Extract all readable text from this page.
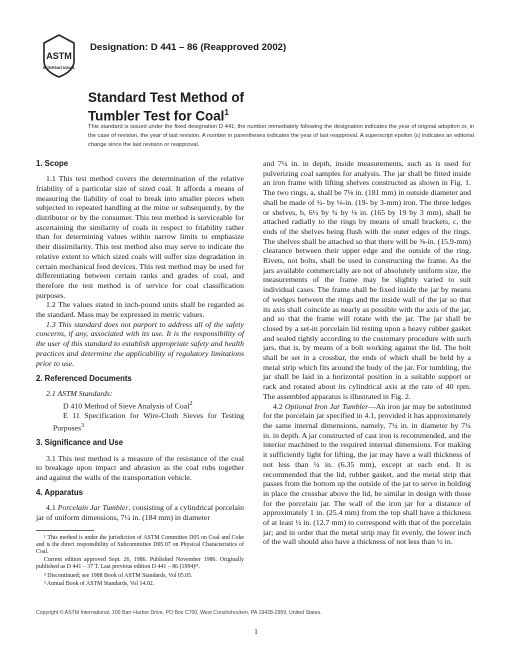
ASTM
INTERNATIONAL
Designation: D 441 – 86 (Reapproved 2002)
Standard Test Method of
Tumbler Test for Coal$^1$
This standard is issued under the fixed designation D 441; the number immediately following the designation indicates the year of original adoption or, in the case of revision, the year of last revision. A number in parentheses indicates the year of last reapproval. A superscript epsilon (ε) indicates an editorial change since the last revision or reapproval.
1. Scope

1.1 This test method covers the determination of the relative friability of a particular size of sized coal. It affords a means of measuring the liability of coal to break into smaller pieces when subjected to repeated handling at the mine or subsequently, by the distributor or by the consumer. This test method is serviceable for ascertaining the similarity of coals in respect to friability rather than for determining values within narrow limits to emphasize their dissimilarity. This test method also may serve to indicate the relative extent to which sized coals will suffer size degradation in certain mechanical feed devices. This test method may be used for differentiating between certain ranks and grades of coal, and therefore the test method is of service for coal classification purposes.

1.2 The values stated in inch-pound units shall be regarded as the standard. Mass may be expressed in metric values.

1.3 This standard does not purport to address all of the safety concerns, if any, associated with its use. It is the responsibility of the user of this standard to establish appropriate safety and health practices and determine the applicability of regulatory limitations prior to use.

2. Referenced Documents

2.1 ASTM Standards:

D 410 Method of Sieve Analysis of Coal$^2$

E 11 Specification for Wire-Cloth Sieves for Testing Purposes$^3$

3. Significance and Use

3.1 This test method is a measure of the resistance of the coal to breakage upon impact and abrasion as the coal rubs together and against the walls of the transportation vehicle.

4. Apparatus

4.1 Porcelain Jar Tumbler, consisting of a cylindrical porcelain jar of uniform dimensions, 7¼ in. (184 mm) in diameter

and 7¼ in. in depth, inside measurements, such as is used for pulverizing coal samples for analysis. The jar shall be fitted inside an iron frame with lifting shelves constructed as shown in Fig. 1. The two rings, a, shall be 7⅛ in. (181 mm) in outside diameter and shall be made of ¾- by ⅛-in. (19- by 3-mm) iron. The three ledges or shelves, b, 6½ by ¾ by ⅛ in. (165 by 19 by 3 mm), shall be attached radially to the rings by means of small brackets, c, the ends of the shelves being flush with the outer edges of the rings. The shelves shall be attached so that there will be ⅝-in. (15.9-mm) clearance between their upper edge and the outside of the ring. Rivets, not bolts, shall be used in constructing the frame. As the jars available commercially are not of absolutely uniform size, the measurements of the frame may be slightly varied to suit individual cases. The frame shall be fixed inside the jar by means of wedges between the rings and the inside wall of the jar so that its axis shall coincide as nearly as possible with the axis of the jar, and so that the frame will rotate with the jar. The jar shall be closed by a set-in porcelain lid resting upon a heavy rubber gasket and sealed tightly according to the customary procedure with such jars, that is, by means of a bolt working against the lid. The bolt shall be set in a crossbar, the ends of which shall be held by a metal strip which fits around the body of the jar. For tumbling, the jar shall be laid in a horizontal position in a suitable support or rack and rotated about its cylindrical axis at the rate of 40 rpm. The assembled apparatus is illustrated in Fig. 2.

4.2 Optional Iron Jar Tumbler—An iron jar may be substituted for the porcelain jar specified in 4.1, provided it has approximately the same internal dimensions, namely, 7¼ in. in diameter by 7¼ in. in depth. A jar constructed of cast iron is recommended, and the interior machined to the required internal dimensions. For making it sufficiently light for lifting, the jar may have a wall thickness of not less than ¼ in. (6.35 mm), except at each end. It is recommended that the lid, rubber gasket, and the metal strip that passes from the bottom up the outside of the jar to serve in holding in place the crossbar above the lid, be similar in design with those for the porcelain jar. The wall of the iron jar for a distance of approximately 1 in. (25.4 mm) from the top shall have a thickness of at least ½ in. (12.7 mm) to correspond with that of the porcelain jar; and in order that the metal strip may fit evenly, the lower inch of the wall should also have a thickness of not less than ½ in.

¹ This method is under the jurisdiction of ASTM Committee D05 on Coal and Coke and is the direct responsibility of Subcommittee D05.07 on Physical Characteristics of Coal.

Current edition approved Sept. 26, 1986. Published November 1986. Originally published as D 441 – 37 T. Last previous edition D 441 – 86 (1994)ᵉ¹.

² Discontinued; see 1988 Book of ASTM Standards, Vol 05.05.

³ Annual Book of ASTM Standards, Vol 14.02.

Copyright © ASTM International, 100 Barr Harbor Drive, PO Box C700, West Conshohocken, PA 19428-2959, United States.
1
